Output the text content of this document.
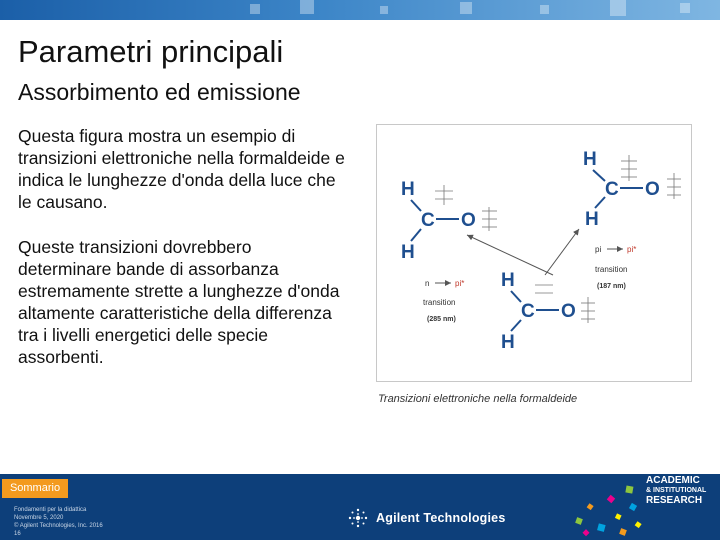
Parametri principali
Assorbimento ed emissione

Questa figura mostra un esempio di transizioni elettroniche nella formaldeide e indica le lunghezze d'onda della luce che le causano.

Queste transizioni dovrebbero determinare bande di assorbanza estremamente strette a lunghezze d'onda altamente caratteristiche della differenza tra i livelli energetici delle specie assorbenti.

H
C O
H
H
C O
H
H
C O
H
n	pi*
transition
(285 nm)
pi	pi*
transition
(187 nm)
Transizioni elettroniche nella formaldeide
Sommario
Fondamenti per la didattica
Novembre 5, 2020
© Agilent Technologies, Inc. 2016
16
Agilent Technologies
ACADEMIC
& INSTITUTIONAL
RESEARCH
